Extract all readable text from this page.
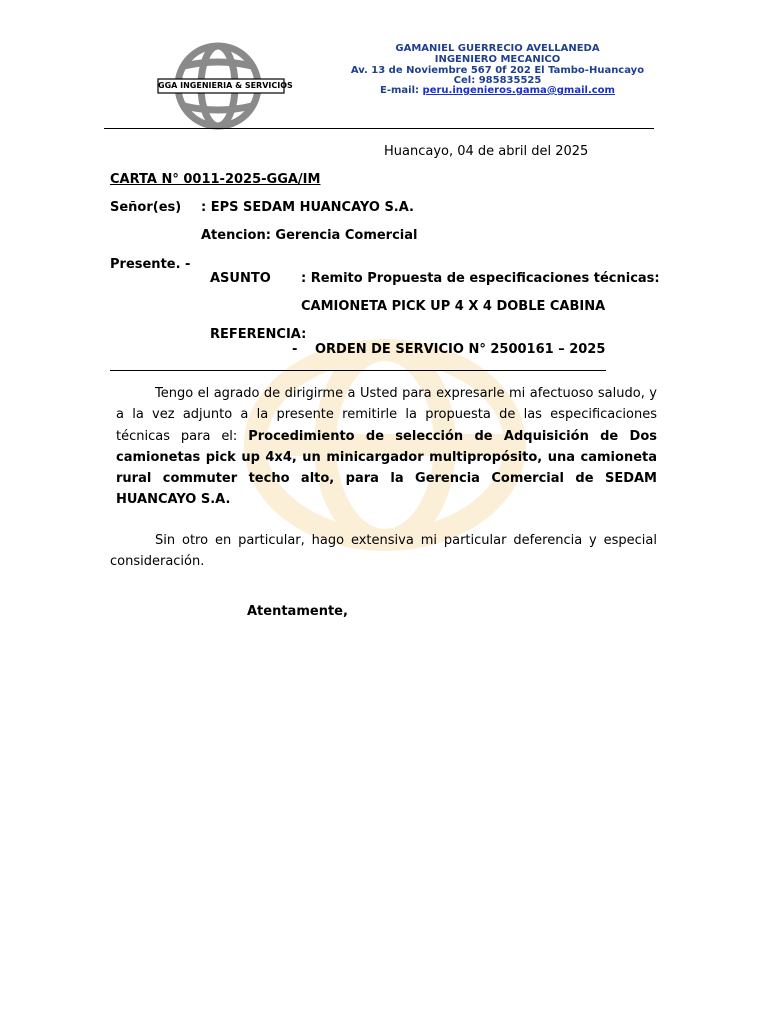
GGA INGENIERIA & SERVICIOS
GAMANIEL GUERRECIO AVELLANEDA
INGENIERO MECANICO
Av. 13 de Noviembre 567 0f 202 El Tambo-Huancayo
Cel: 985835525
E-mail: peru.ingenieros.gama@gmail.com
Huancayo, 04 de abril del 2025
CARTA N° 0011-2025-GGA/IM
Señor(es) : EPS SEDAM HUANCAYO S.A.
Atencion: Gerencia Comercial
Presente. -
ASUNTO : Remito Propuesta de especificaciones técnicas:
CAMIONETA PICK UP 4 X 4 DOBLE CABINA
REFERENCIA:
- ORDEN DE SERVICIO N° 2500161 – 2025
Tengo el agrado de dirigirme a Usted para expresarle mi afectuoso saludo, y a la vez adjunto a la presente remitirle la propuesta de las especificaciones técnicas para el: Procedimiento de selección de Adquisición de Dos camionetas pick up 4x4, un minicargador multipropósito, una camioneta rural commuter techo alto, para la Gerencia Comercial de SEDAM HUANCAYO S.A.
Sin otro en particular, hago extensiva mi particular deferencia y especial consideración.
Atentamente,
